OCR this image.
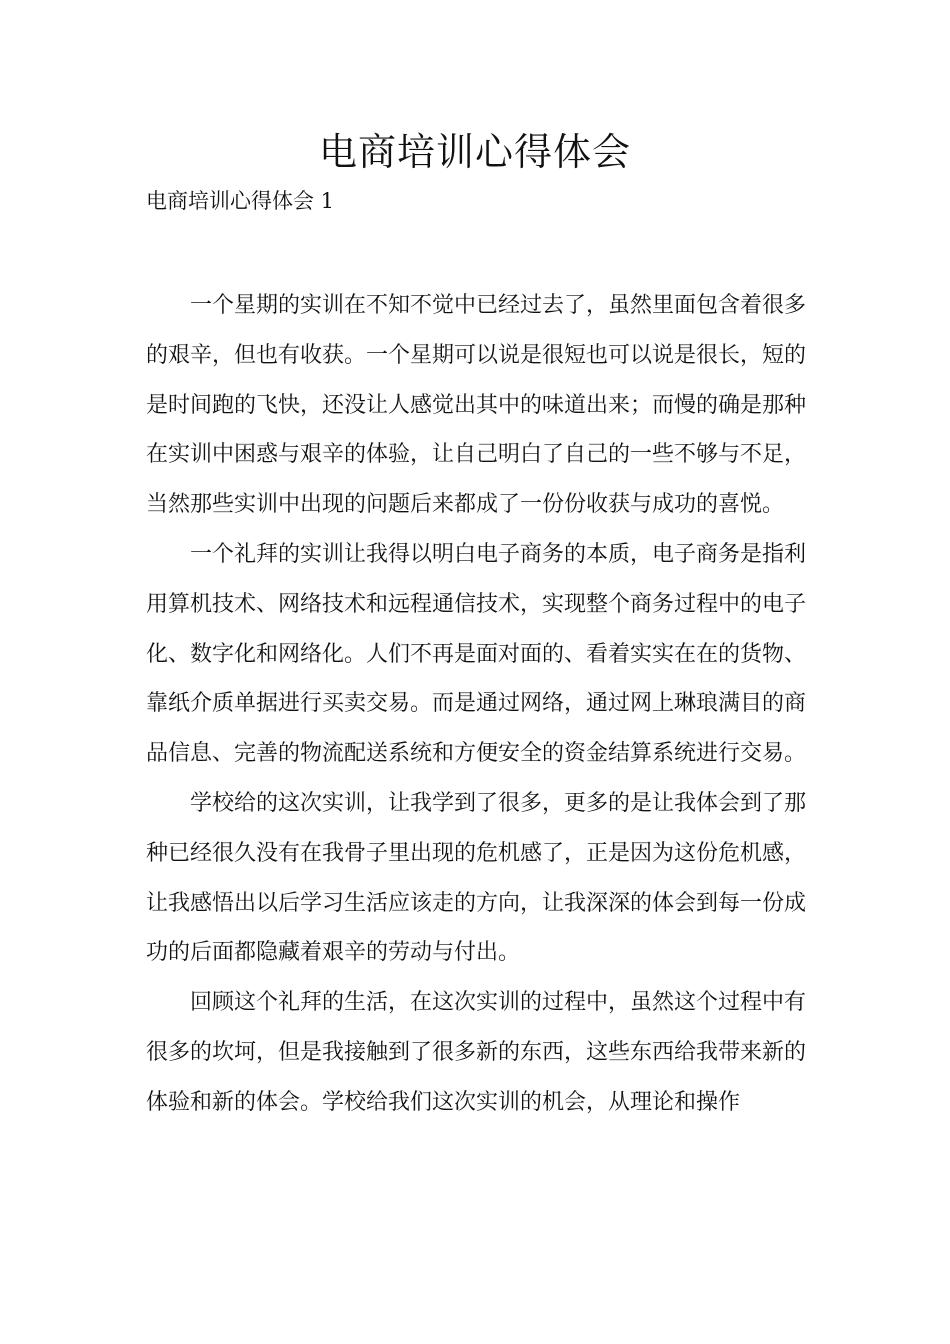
电商培训心得体会
电商培训心得体会 1

一个星期的实训在不知不觉中已经过去了，虽然里面包含着很多的艰辛，但也有收获。一个星期可以说是很短也可以说是很长，短的是时间跑的飞快，还没让人感觉出其中的味道出来；而慢的确是那种在实训中困惑与艰辛的体验，让自己明白了自己的一些不够与不足，当然那些实训中出现的问题后来都成了一份份收获与成功的喜悦。

一个礼拜的实训让我得以明白电子商务的本质，电子商务是指利用算机技术、网络技术和远程通信技术，实现整个商务过程中的电子化、数字化和网络化。人们不再是面对面的、看着实实在在的货物、靠纸介质单据进行买卖交易。而是通过网络，通过网上琳琅满目的商品信息、完善的物流配送系统和方便安全的资金结算系统进行交易。

学校给的这次实训，让我学到了很多，更多的是让我体会到了那种已经很久没有在我骨子里出现的危机感了，正是因为这份危机感，让我感悟出以后学习生活应该走的方向，让我深深的体会到每一份成功的后面都隐藏着艰辛的劳动与付出。

回顾这个礼拜的生活，在这次实训的过程中，虽然这个过程中有很多的坎坷，但是我接触到了很多新的东西，这些东西给我带来新的体验和新的体会。学校给我们这次实训的机会，从理论和操作
